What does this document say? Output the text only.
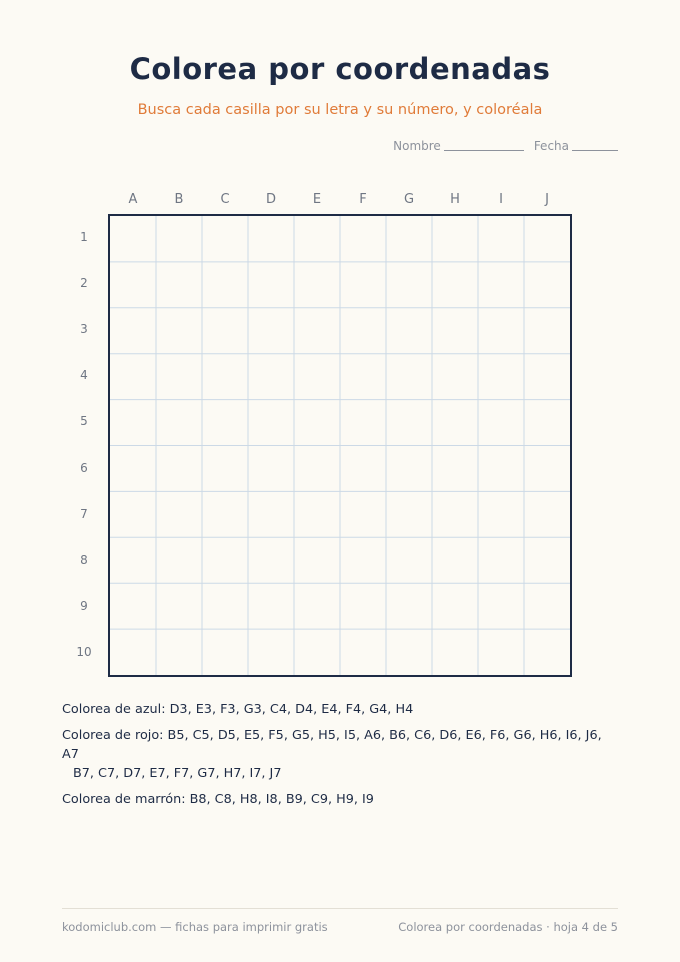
Colorea por coordenadas
Busca cada casilla por su letra y su número, y coloréala
Nombre	Fecha
A	B	C	D	E	F	G	H	I	J
1
2
3
4
5
6
7
8
9
10
Colorea de azul: D3, E3, F3, G3, C4, D4, E4, F4, G4, H4
Colorea de rojo: B5, C5, D5, E5, F5, G5, H5, I5, A6, B6, C6, D6, E6, F6, G6, H6, I6, J6, A7
B7, C7, D7, E7, F7, G7, H7, I7, J7
Colorea de marrón: B8, C8, H8, I8, B9, C9, H9, I9
kodomiclub.com — fichas para imprimir gratis	Colorea por coordenadas · hoja 4 de 5
